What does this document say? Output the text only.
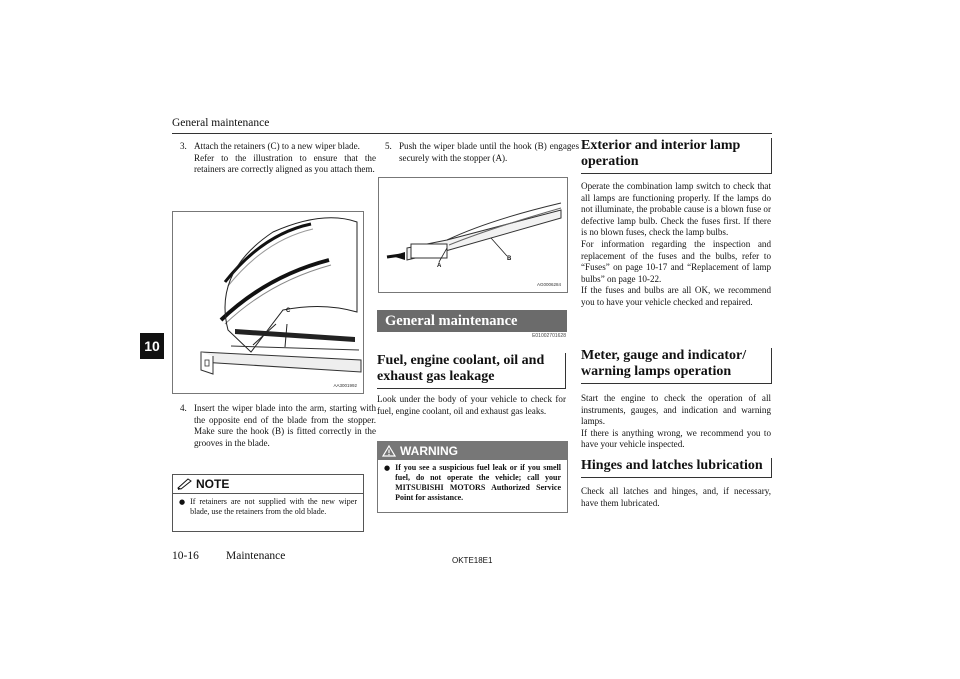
General maintenance
10
3. Attach the retainers (C) to a new wiper blade.
Refer to the illustration to ensure that the retainers are correctly aligned as you attach them.
C
AA3001992
4. Insert the wiper blade into the arm, starting with the opposite end of the blade from the stopper. Make sure the hook (B) is fitted correctly in the grooves in the blade.
NOTE
● If retainers are not supplied with the new wiper blade, use the retainers from the old blade.
5. Push the wiper blade until the hook (B) engages securely with the stopper (A).
A
B
AG0006284
General maintenance
E01002701628
Fuel, engine coolant, oil and exhaust gas leakage
Look under the body of your vehicle to check for fuel, engine coolant, oil and exhaust gas leaks.
WARNING
● If you see a suspicious fuel leak or if you smell fuel, do not operate the vehicle; call your MITSUBISHI MOTORS Authorized Service Point for assistance.
Exterior and interior lamp operation
Operate the combination lamp switch to check that all lamps are functioning properly. If the lamps do not illuminate, the probable cause is a blown fuse or defective lamp bulb. Check the fuses first. If there is no blown fuses, check the lamp bulbs.
For information regarding the inspection and replacement of the fuses and the bulbs, refer to “Fuses” on page 10-17 and “Replacement of lamp bulbs” on page 10-22.
If the fuses and bulbs are all OK, we recommend you to have your vehicle checked and repaired.
Meter, gauge and indicator/ warning lamps operation
Start the engine to check the operation of all instruments, gauges, and indication and warning lamps.
If there is anything wrong, we recommend you to have your vehicle inspected.
Hinges and latches lubrication
Check all latches and hinges, and, if necessary, have them lubricated.
10-16 Maintenance	OKTE18E1
